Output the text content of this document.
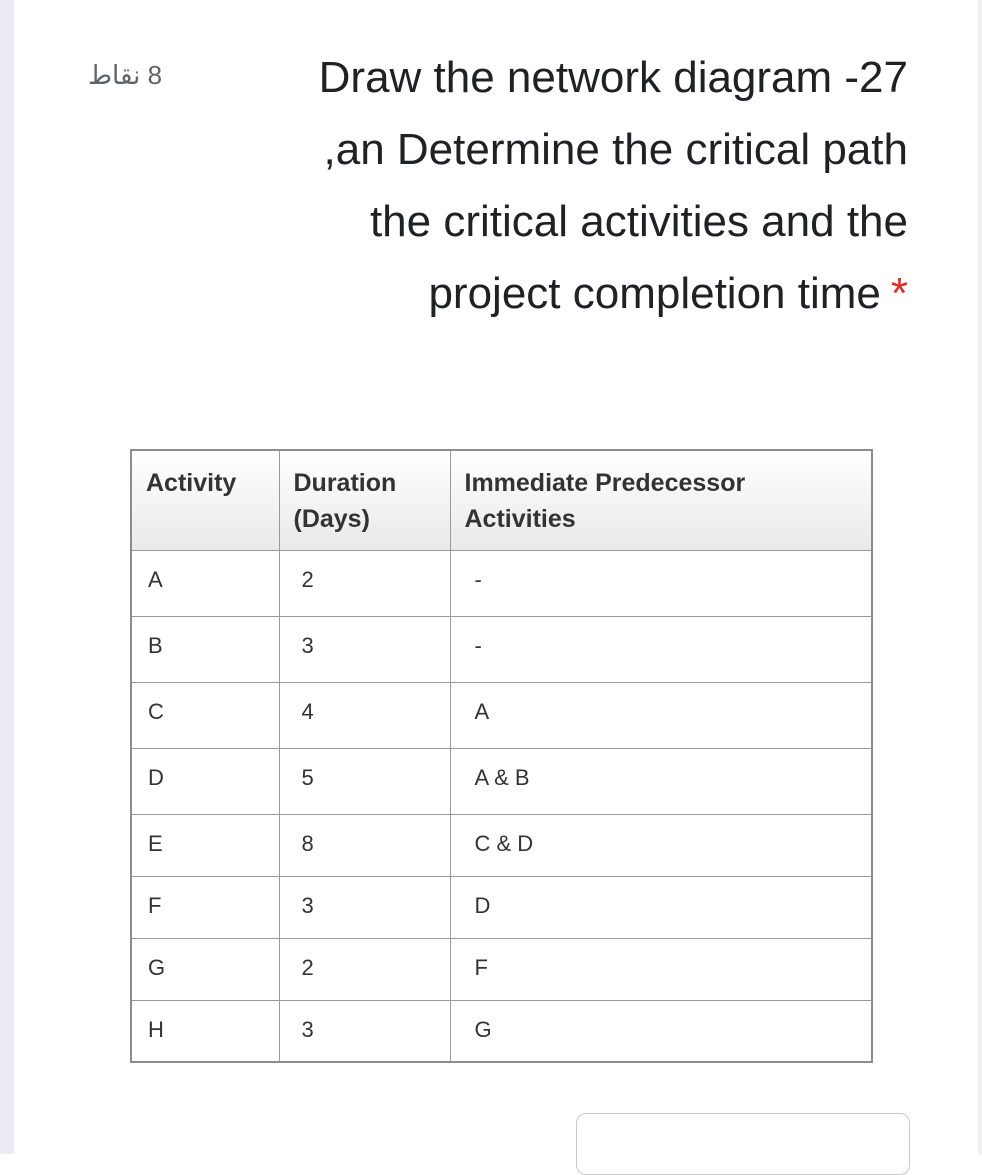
8 نقاط	Draw the network diagram -27
an Determine the critical path,
the critical activities and the
*project completion time
Activity	Duration (Days)	Immediate Predecessor Activities
A	2	-
B	3	-
C	4	A
D	5	A & B
E	8	C & D
F	3	D
G	2	F
H	3	G
